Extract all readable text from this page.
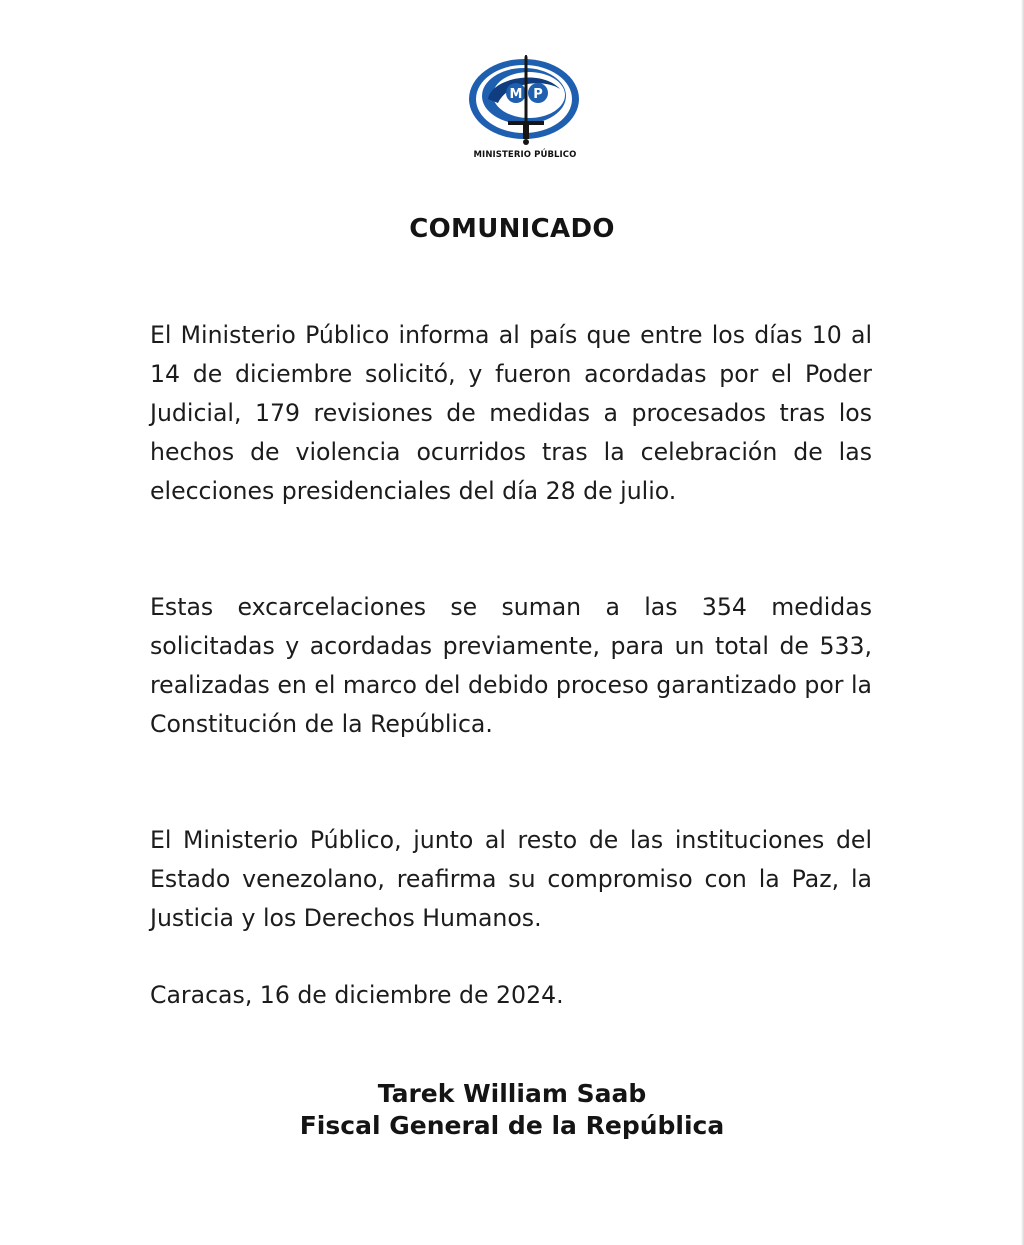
M P
MINISTERIO PÚBLICO
COMUNICADO

El Ministerio Público informa al país que entre los días 10 al 14 de diciembre solicitó, y fueron acordadas por el Poder Judicial, 179 revisiones de medidas a procesados tras los hechos de violencia ocurridos tras la celebración de las elecciones presidenciales del día 28 de julio.

Estas excarcelaciones se suman a las 354 medidas solicitadas y acordadas previamente, para un total de 533, realizadas en el marco del debido proceso garantizado por la Constitución de la República.

El Ministerio Público, junto al resto de las instituciones del Estado venezolano, reafirma su compromiso con la Paz, la Justicia y los Derechos Humanos.

Caracas, 16 de diciembre de 2024.

Tarek William Saab
Fiscal General de la República
